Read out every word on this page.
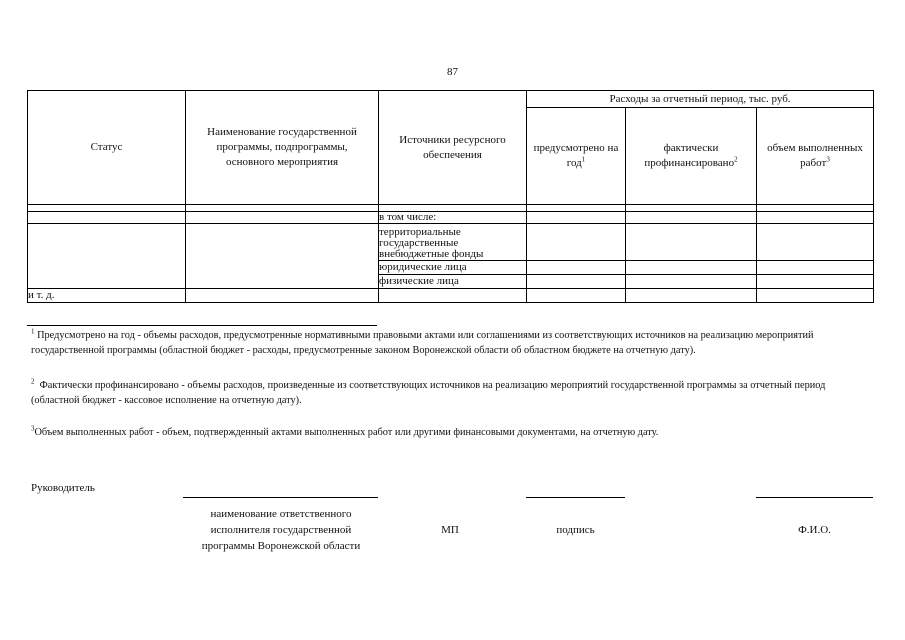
87
Статус	Наименование государственной программы, подпрограммы, основного мероприятия	Источники ресурсного обеспечения	Расходы за отчетный период, тыс. руб.		
			предусмотрено на год$^1$	фактически профинансировано$^2$	объем выполненных работ$^3$

		в том числе:			
		территориальные государственные внебюджетные фонды			
		юридические лица			
		физические лица			
и т. д.					
$^1$ Предусмотрено на год - объемы расходов, предусмотренные нормативными правовыми актами или соглашениями из соответствующих источников на реализацию мероприятий государственной программы (областной бюджет - расходы, предусмотренные законом Воронежской области об областном бюджете на отчетную дату).
$^2$ Фактически профинансировано - объемы расходов, произведенные из соответствующих источников на реализацию мероприятий государственной программы за отчетный период (областной бюджет - кассовое исполнение на отчетную дату).
$^3$Объем выполненных работ - объем, подтвержденный актами выполненных работ или другими финансовыми документами, на отчетную дату.
Руководитель
наименование ответственного исполнителя государственной программы Воронежской области
МП	подпись	Ф.И.О.
